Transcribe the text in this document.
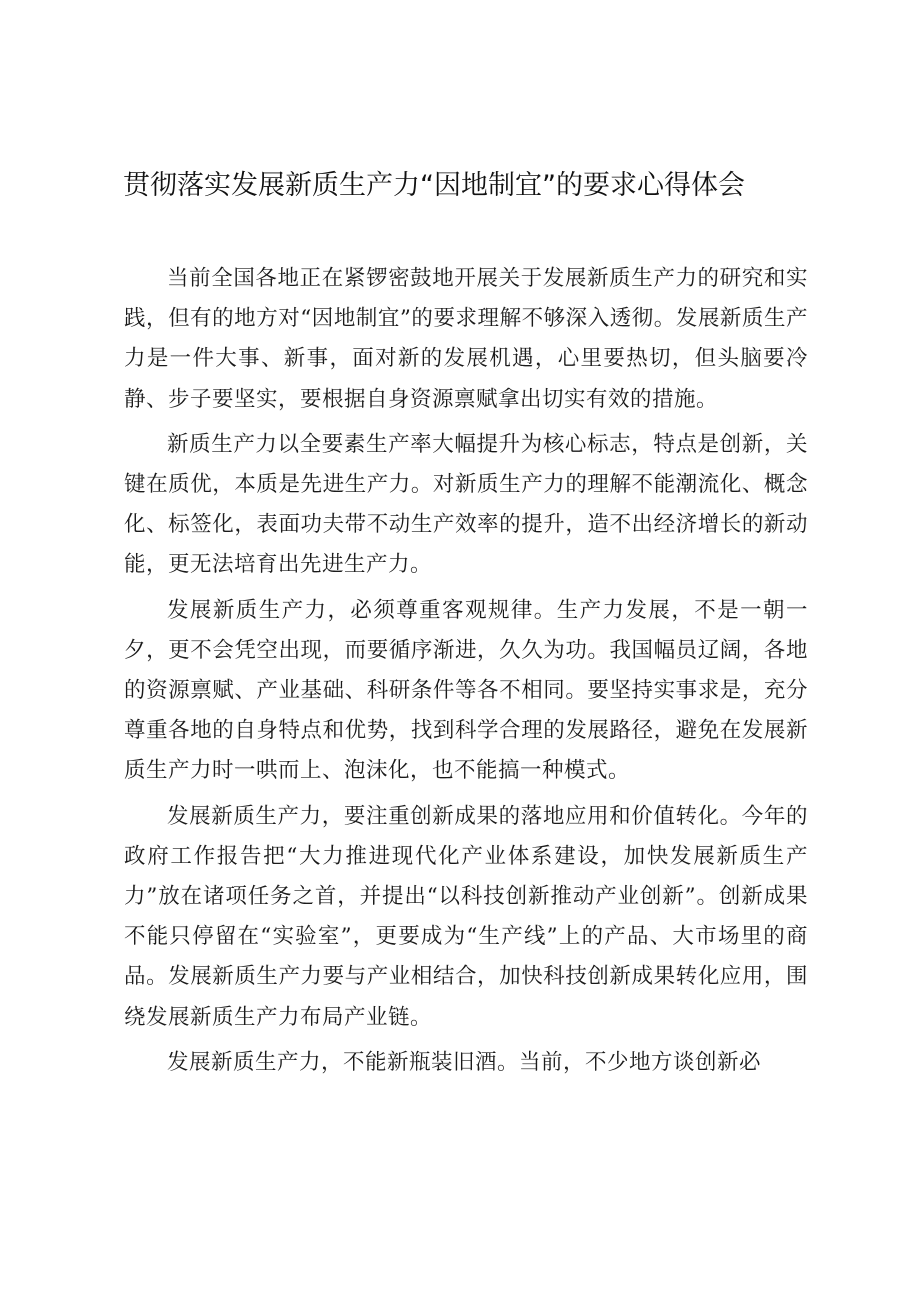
贯彻落实发展新质生产力“因地制宜”的要求心得体会

当前全国各地正在紧锣密鼓地开展关于发展新质生产力的研究和实践，但有的地方对“因地制宜”的要求理解不够深入透彻。发展新质生产力是一件大事、新事，面对新的发展机遇，心里要热切，但头脑要冷静、步子要坚实，要根据自身资源禀赋拿出切实有效的措施。

新质生产力以全要素生产率大幅提升为核心标志，特点是创新，关键在质优，本质是先进生产力。对新质生产力的理解不能潮流化、概念化、标签化，表面功夫带不动生产效率的提升，造不出经济增长的新动能，更无法培育出先进生产力。

发展新质生产力，必须尊重客观规律。生产力发展，不是一朝一夕，更不会凭空出现，而要循序渐进，久久为功。我国幅员辽阔，各地的资源禀赋、产业基础、科研条件等各不相同。要坚持实事求是，充分尊重各地的自身特点和优势，找到科学合理的发展路径，避免在发展新质生产力时一哄而上、泡沫化，也不能搞一种模式。

发展新质生产力，要注重创新成果的落地应用和价值转化。今年的政府工作报告把“大力推进现代化产业体系建设，加快发展新质生产力”放在诸项任务之首，并提出“以科技创新推动产业创新”。创新成果不能只停留在“实验室”，更要成为“生产线”上的产品、大市场里的商品。发展新质生产力要与产业相结合，加快科技创新成果转化应用，围绕发展新质生产力布局产业链。

发展新质生产力，不能新瓶装旧酒。当前，不少地方谈创新必
